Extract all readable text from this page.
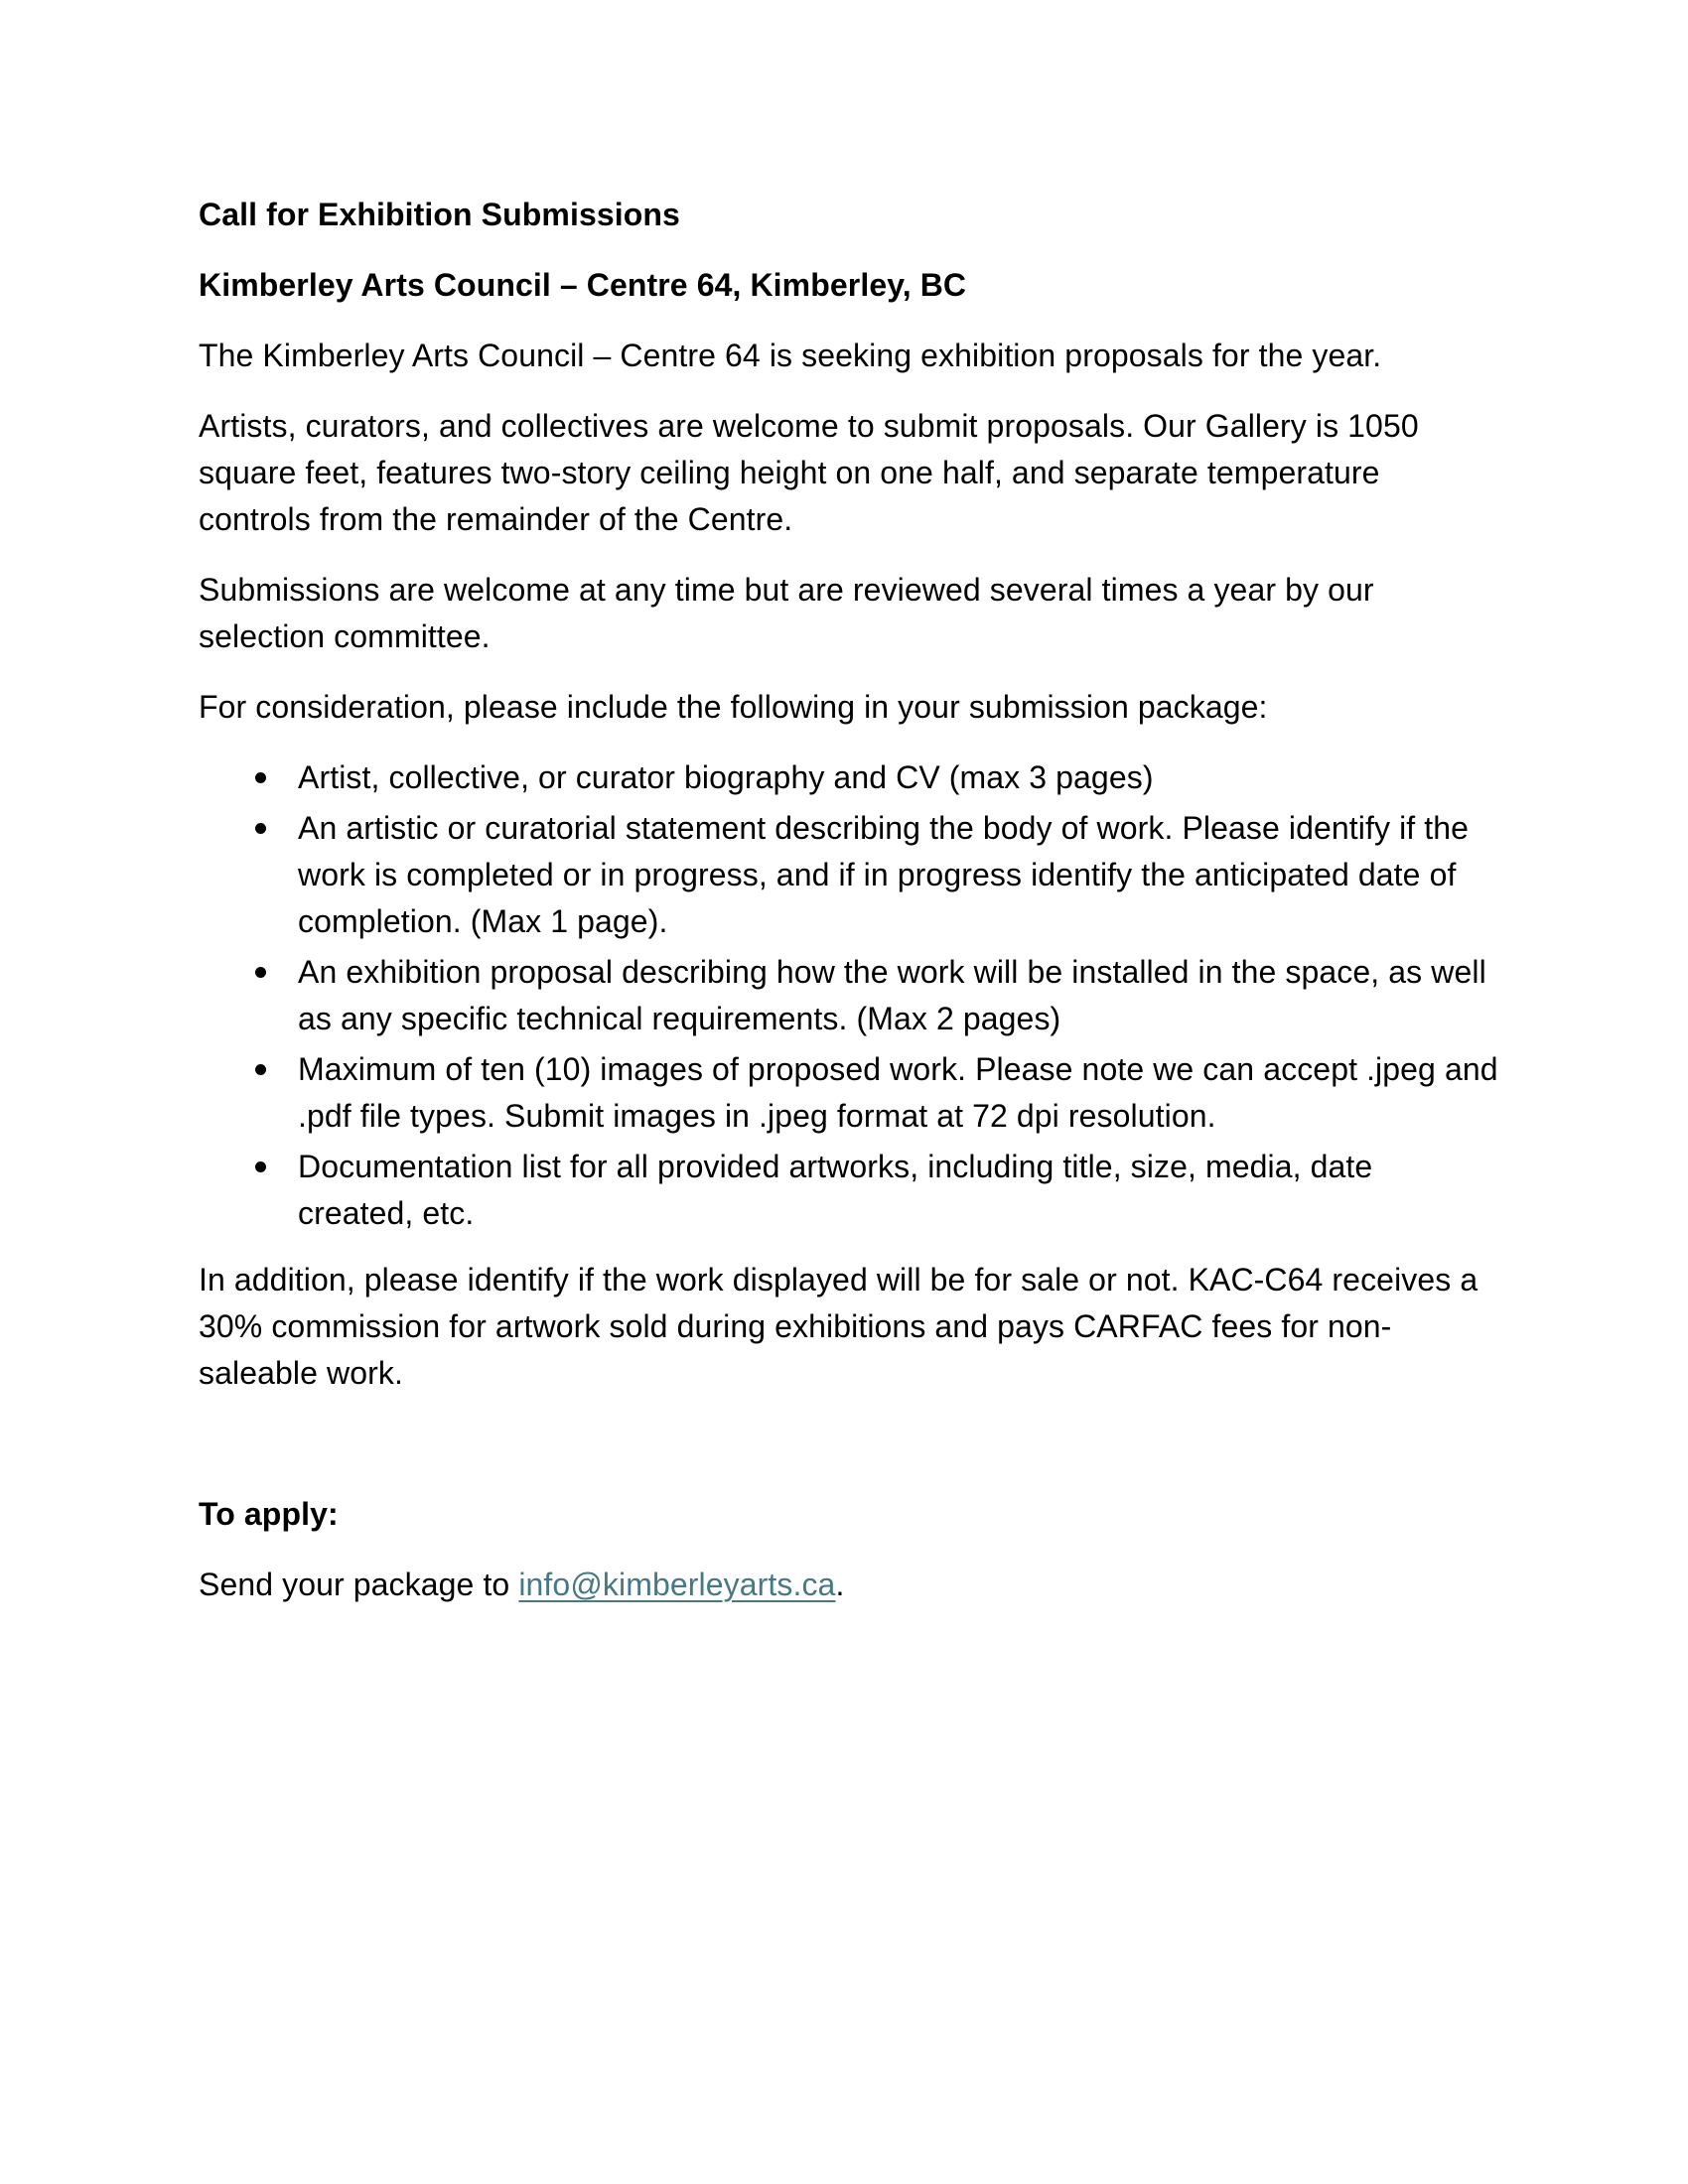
Call for Exhibition Submissions
Kimberley Arts Council – Centre 64, Kimberley, BC
The Kimberley Arts Council – Centre 64 is seeking exhibition proposals for the year.
Artists, curators, and collectives are welcome to submit proposals. Our Gallery is 1050
square feet, features two-story ceiling height on one half, and separate temperature
controls from the remainder of the Centre.
Submissions are welcome at any time but are reviewed several times a year by our
selection committee.
For consideration, please include the following in your submission package:
Artist, collective, or curator biography and CV (max 3 pages)
An artistic or curatorial statement describing the body of work. Please identify if the
work is completed or in progress, and if in progress identify the anticipated date of
completion. (Max 1 page).
An exhibition proposal describing how the work will be installed in the space, as well
as any specific technical requirements. (Max 2 pages)
Maximum of ten (10) images of proposed work. Please note we can accept .jpeg and
.pdf file types. Submit images in .jpeg format at 72 dpi resolution.
Documentation list for all provided artworks, including title, size, media, date
created, etc.
In addition, please identify if the work displayed will be for sale or not. KAC-C64 receives a
30% commission for artwork sold during exhibitions and pays CARFAC fees for non-
saleable work.
To apply:
Send your package to info@kimberleyarts.ca.
